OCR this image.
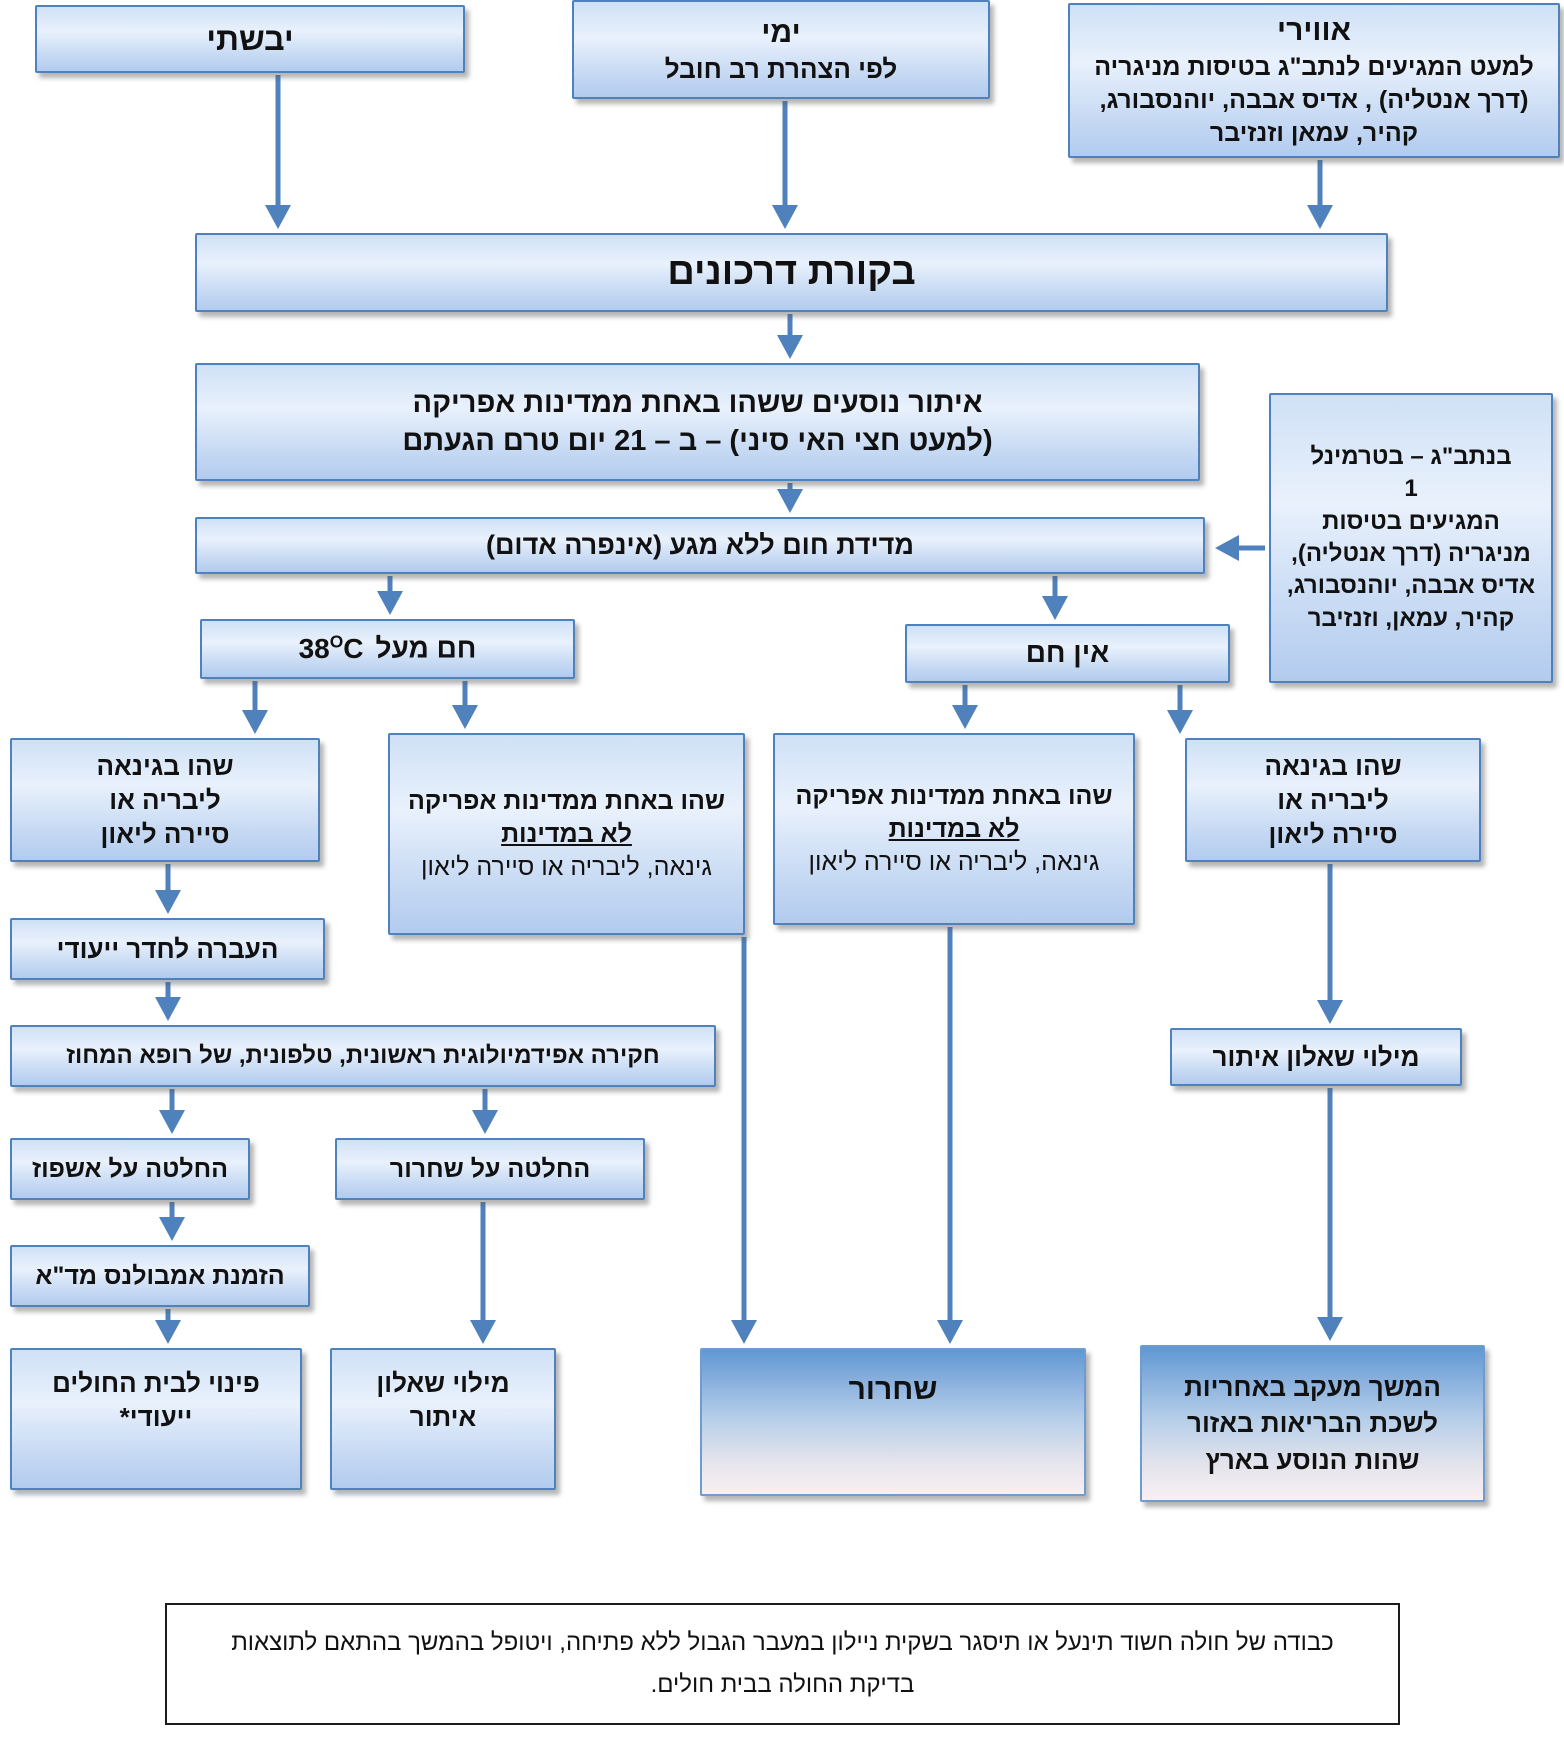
יבשתי	ימי
לפי הצהרת רב חובל
אווירי
למעט המגיעים לנתב"ג בטיסות מניגריה (דרך אנטליה) , אדיס אבבה, יוהנסבורג, קהיר, עמאן וזנזיבר
בקורת דרכונים
איתור נוסעים ששהו באחת ממדינות אפריקה
(למעט חצי האי סיני) – ב – 21 יום טרם הגעתם	בנתב"ג – בטרמינל
1
המגיעים בטיסות מניגריה (דרך אנטליה), אדיס אבבה, יוהנסבורג, קהיר, עמאן, וזנזיבר
מדידת חום ללא מגע (אינפרה אדום)
חם $מעל38^OC$	אין חם
שהו בגינאה
ליבריה או
סיירה ליאון
שהו באחת ממדינות אפריקה
לא במדינות
גינאה, ליבריה או סיירה ליאון
שהו באחת ממדינות אפריקה
לא במדינות
גינאה, ליבריה או סיירה ליאון
שהו בגינאה
ליבריה או
סיירה ליאון
העברה לחדר ייעודי
חקירה אפידמיולוגית ראשונית, טלפונית, של רופא המחוז
החלטה על אשפוז	החלטה על שחרור
הזמנת אמבולנס מד"א
פינוי לבית החולים
ייעודי*
מילוי שאלון
איתור
שחרור
מילוי שאלון איתור
המשך מעקב באחריות
לשכת הבריאות באזור
שהות הנוסע בארץ
כבודה של חולה חשוד תינעל או תיסגר בשקית ניילון במעבר הגבול ללא פתיחה, ויטופל בהמשך בהתאם לתוצאות בדיקת החולה בבית חולים.
